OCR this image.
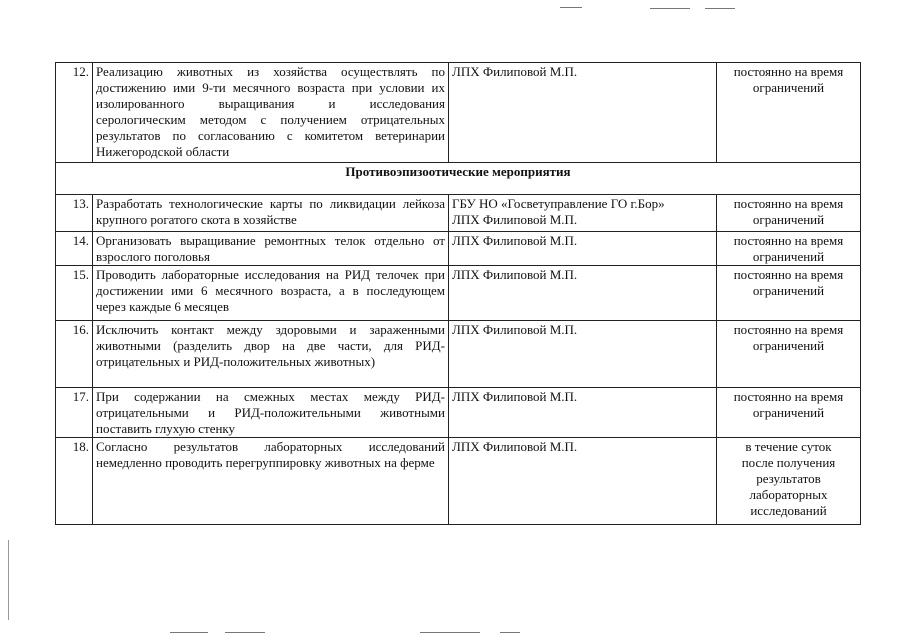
12.	Реализацию животных из хозяйства осуществлять по достижению ими 9-ти месячного возраста при условии их изолированного выращивания и исследования серологическим методом с получением отрицательных результатов по согласованию с комитетом ветеринарии Нижегородской области	ЛПХ Филиповой М.П.	постоянно на время
ограничений

Противоэпизоотические мероприятия			
13.	Разработать технологические карты по ликвидации лейкоза крупного рогатого скота в хозяйстве	ГБУ НО «Госветуправление ГО г.Бор»
ЛПХ Филиповой М.П.	постоянно на время
ограничений

14.	Организовать выращивание ремонтных телок отдельно от взрослого поголовья	ЛПХ Филиповой М.П.	постоянно на время
ограничений

15.	Проводить лабораторные исследования на РИД телочек при достижении ими 6 месячного возраста, а в последующем через каждые 6 месяцев	ЛПХ Филиповой М.П.	постоянно на время
ограничений

16.	Исключить контакт между здоровыми и зараженными животными (разделить двор на две части, для РИД-отрицательных и РИД-положительных животных)	ЛПХ Филиповой М.П.	постоянно на время
ограничений

17.	При содержании на смежных местах между РИД-отрицательными и РИД-положительными животными поставить глухую стенку	ЛПХ Филиповой М.П.	постоянно на время
ограничений

18.	Согласно результатов лабораторных исследований немедленно проводить перегруппировку животных на ферме	ЛПХ Филиповой М.П.	в течение суток
после получения
результатов
лабораторных
исследований
